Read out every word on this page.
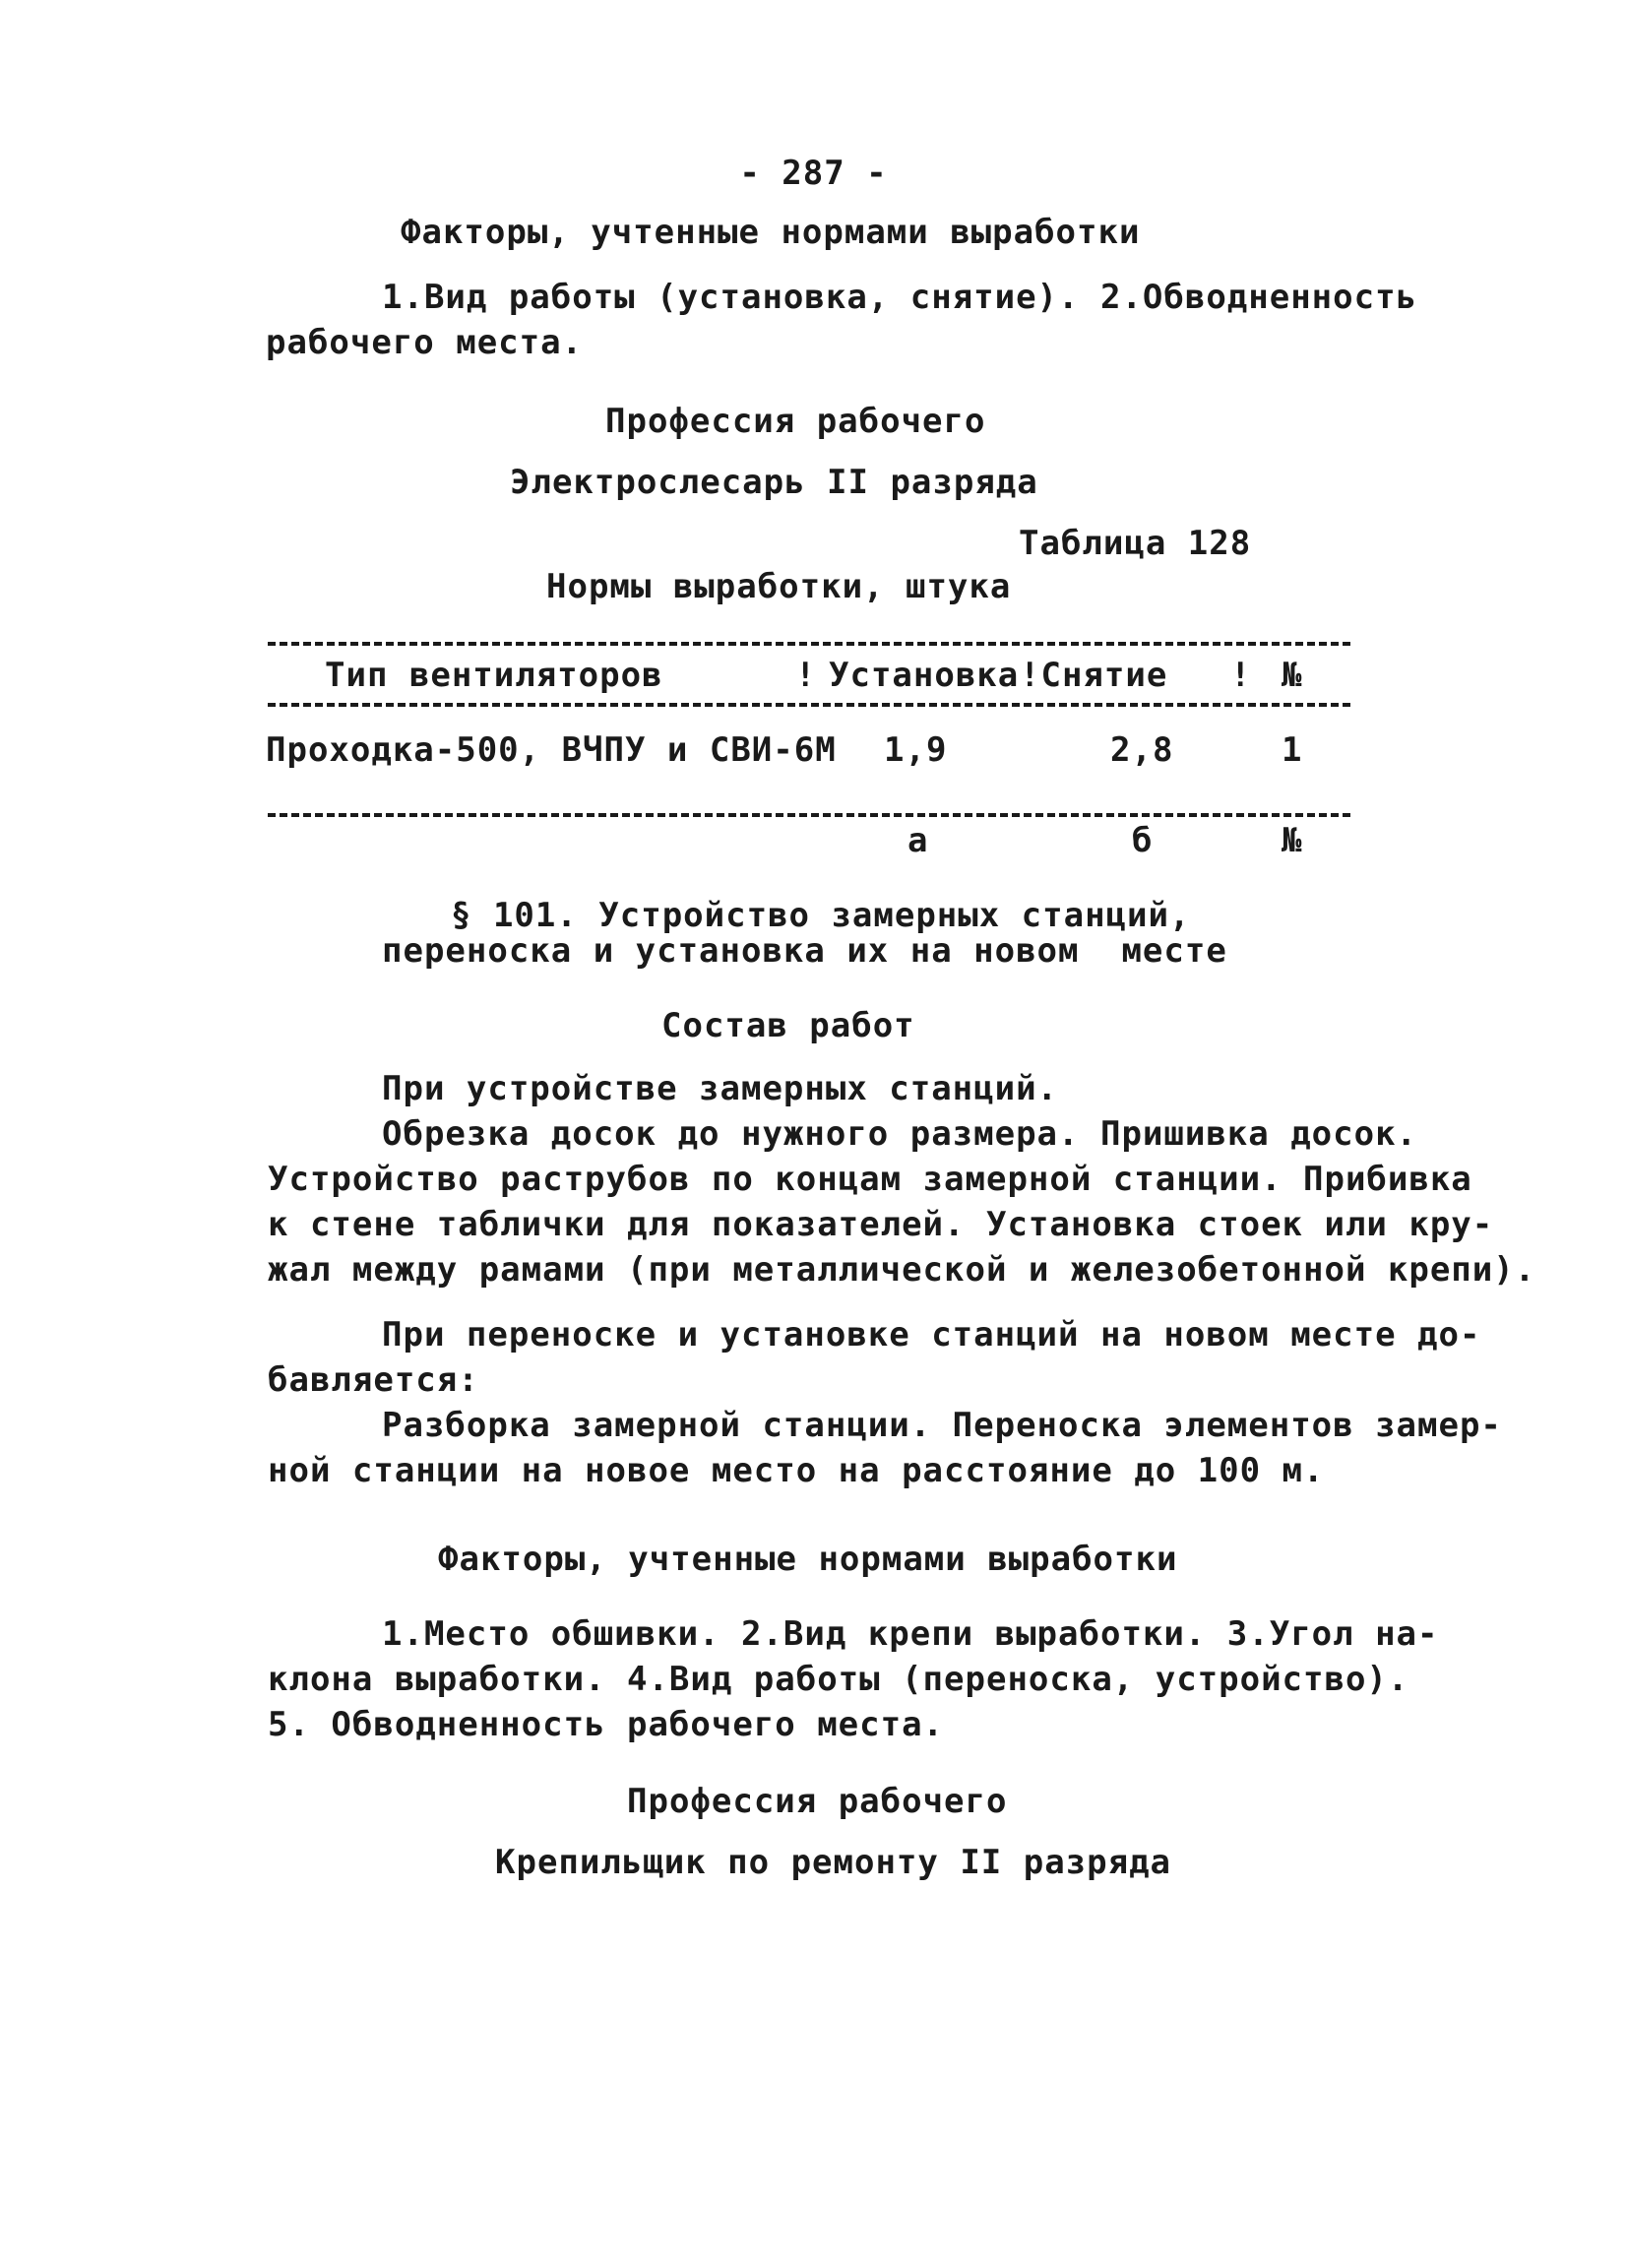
- 287 -
Факторы, учтенные нормами выработки
1.Вид работы (установка, снятие). 2.Обводненность
рабочего места.
Профессия рабочего
Электрослесарь II разряда
Таблица 128
Нормы выработки, штука
Тип вентиляторов	! Установка !Снятие ! №
Проходка-500, ВЧПУ и СВИ-6М 1,9	2,8	1
а	б	№
§ 101. Устройство замерных станций,
переноска и установка их на новом  месте
Состав работ
При устройстве замерных станций.
Обрезка досок до нужного размера. Пришивка досок.
Устройство раструбов по концам замерной станции. Прибивка
к стене таблички для показателей. Установка стоек или кру-
жал между рамами (при металлической и железобетонной крепи).
При переноске и установке станций на новом месте до-
бавляется:
Разборка замерной станции. Переноска элементов замер-
ной станции на новое место на расстояние до 100 м.
Факторы, учтенные нормами выработки
1.Место обшивки. 2.Вид крепи выработки. 3.Угол на-
клона выработки. 4.Вид работы (переноска, устройство).
5. Обводненность рабочего места.
Профессия рабочего
Крепильщик по ремонту II разряда
